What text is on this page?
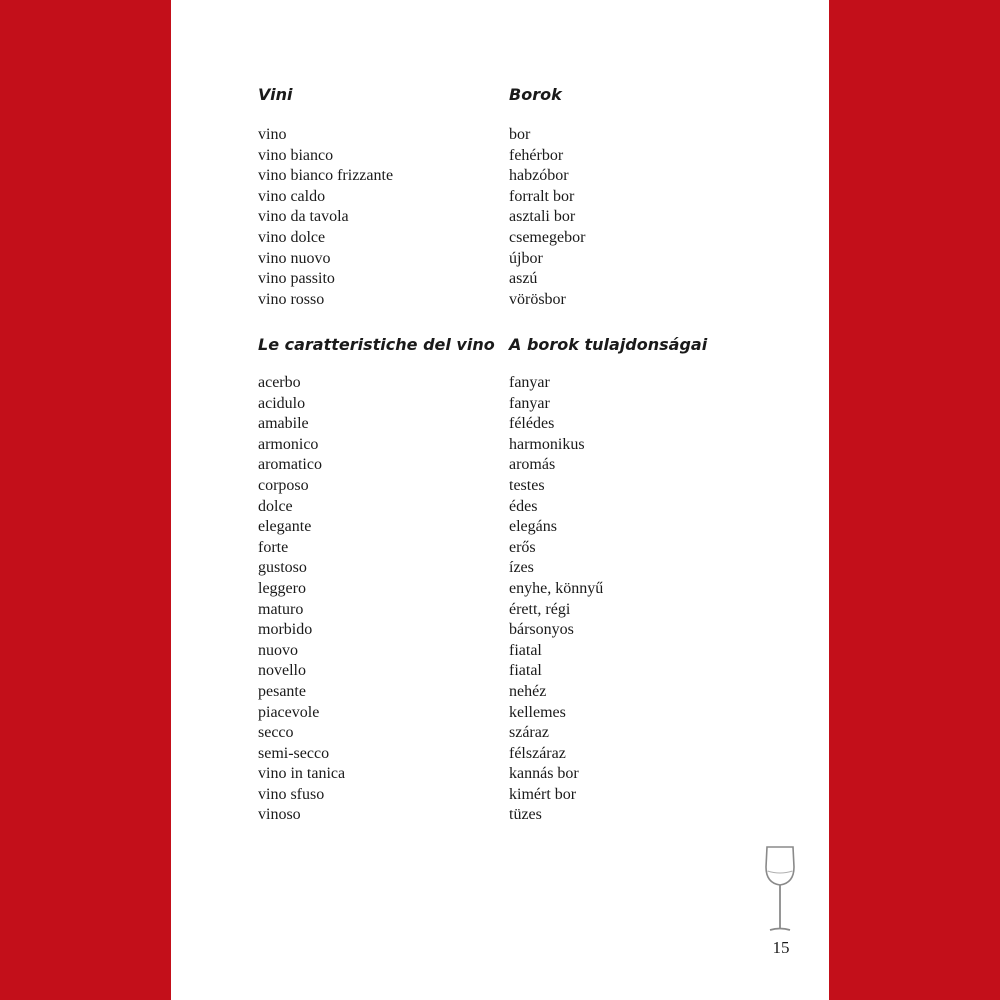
Vini	Borok
vino
vino bianco
vino bianco frizzante
vino caldo
vino da tavola
vino dolce
vino nuovo
vino passito
vino rosso
bor
fehérbor
habzóbor
forralt bor
asztali bor
csemegebor
újbor
aszú
vörösbor
Le caratteristiche del vino A borok tulajdonságai
acerbo
acidulo
amabile
armonico
aromatico
corposo
dolce
elegante
forte
gustoso
leggero
maturo
morbido
nuovo
novello
pesante
piacevole
secco
semi-secco
vino in tanica
vino sfuso
vinoso
fanyar
fanyar
félédes
harmonikus
aromás
testes
édes
elegáns
erős
ízes
enyhe, könnyű
érett, régi
bársonyos
fiatal
fiatal
nehéz
kellemes
száraz
félszáraz
kannás bor
kimért bor
tüzes
15
